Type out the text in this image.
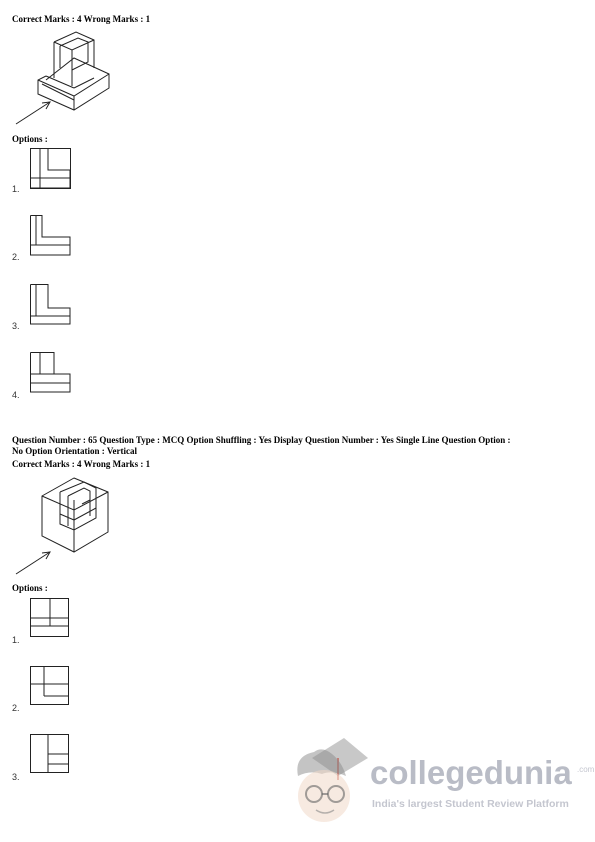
Correct Marks : 4 Wrong Marks : 1
Options :
1.
2.
3.
4.
Question Number : 65 Question Type : MCQ Option Shuffling : Yes Display Question Number : Yes Single Line Question Option :
No Option Orientation : Vertical
Correct Marks : 4 Wrong Marks : 1
Options :
1.
2.
3.	collegedunia .com
India's largest Student Review Platform
